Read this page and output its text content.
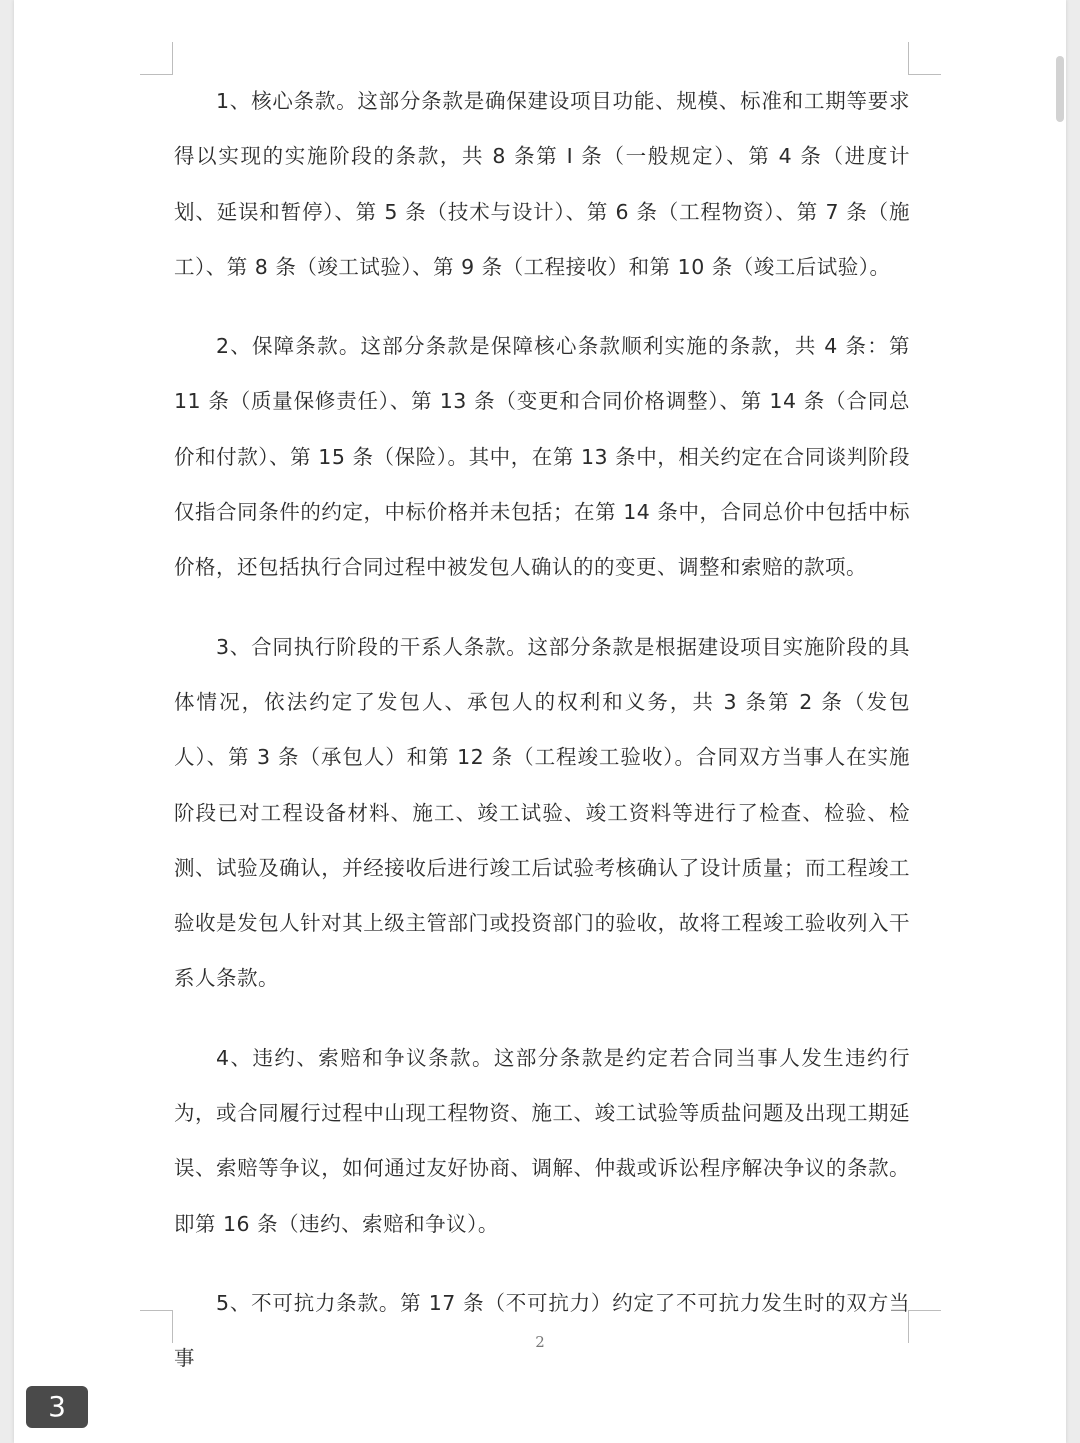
1、核心条款。这部分条款是确保建设项目功能、规模、标准和工期等要求得以实现的实施阶段的条款，共 8 条第 I 条（一般规定）、第 4 条（进度计划、延误和暂停）、第 5 条（技术与设计）、第 6 条（工程物资）、第 7 条（施工）、第 8 条（竣工试验）、第 9 条（工程接收）和第 10 条（竣工后试验）。

2、保障条款。这部分条款是保障核心条款顺利实施的条款，共 4 条：第 11 条（质量保修责任）、第 13 条（变更和合同价格调整）、第 14 条（合同总价和付款）、第 15 条（保险）。其中，在第 13 条中，相关约定在合同谈判阶段仅指合同条件的约定，中标价格并未包括；在第 14 条中，合同总价中包括中标价格，还包括执行合同过程中被发包人确认的的变更、调整和索赔的款项。

3、合同执行阶段的干系人条款。这部分条款是根据建设项目实施阶段的具体情况，依法约定了发包人、承包人的权利和义务，共 3 条第 2 条（发包人）、第 3 条（承包人）和第 12 条（工程竣工验收）。合同双方当事人在实施阶段已对工程设备材料、施工、竣工试验、竣工资料等进行了检查、检验、检测、试验及确认，并经接收后进行竣工后试验考核确认了设计质量；而工程竣工验收是发包人针对其上级主管部门或投资部门的验收，故将工程竣工验收列入干系人条款。

4、违约、索赔和争议条款。这部分条款是约定若合同当事人发生违约行为，或合同履行过程中山现工程物资、施工、竣工试验等质盐问题及出现工期延误、索赔等争议，如何通过友好协商、调解、仲裁或诉讼程序解决争议的条款。即第 16 条（违约、索赔和争议）。

5、不可抗力条款。第 17 条（不可抗力）约定了不可抗力发生时的双方当事

2
3
